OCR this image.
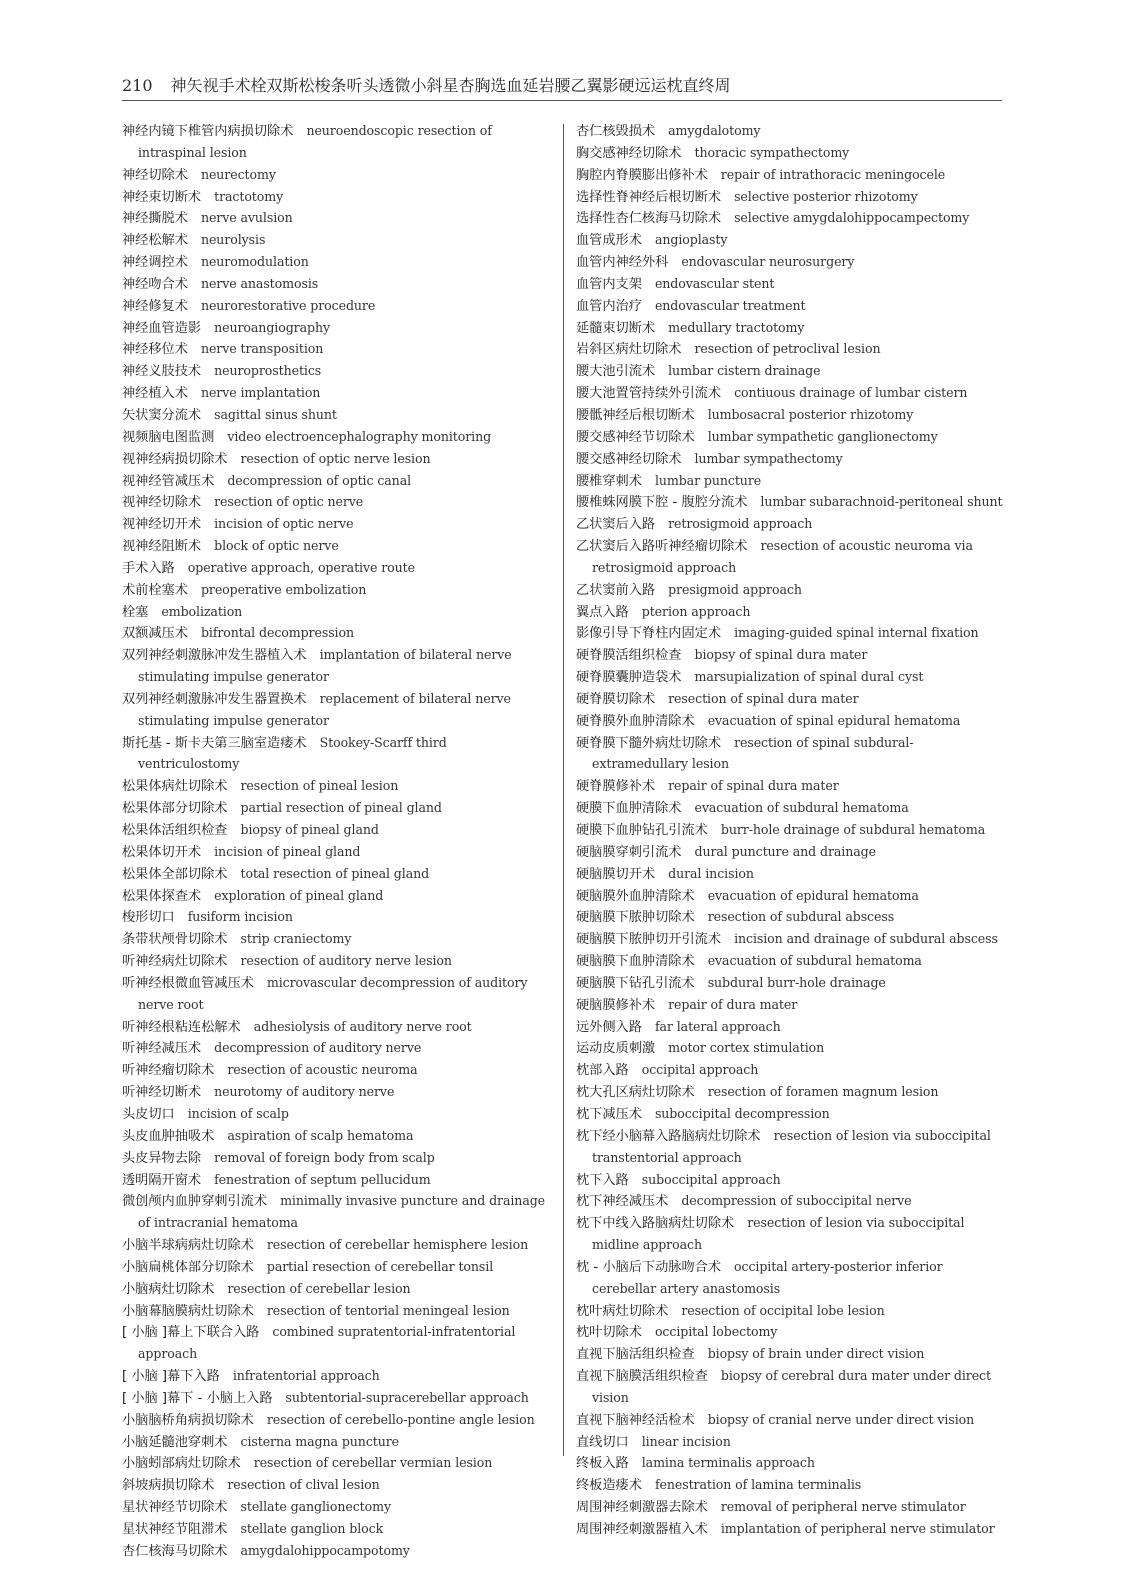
210 神矢视手术栓双斯松梭条听头透微小斜星杏胸选血延岩腰乙翼影硬远运枕直终周
神经内镜下椎管内病损切除术 neuroendoscopic resection of intraspinal lesion
神经切除术 neurectomy
神经束切断术 tractotomy
神经撕脱术 nerve avulsion
神经松解术 neurolysis
神经调控术 neuromodulation
神经吻合术 nerve anastomosis
神经修复术 neurorestorative procedure
神经血管造影 neuroangiography
神经移位术 nerve transposition
神经义肢技术 neuroprosthetics
神经植入术 nerve implantation
矢状窦分流术 sagittal sinus shunt
视频脑电图监测 video electroencephalography monitoring
视神经病损切除术 resection of optic nerve lesion
视神经管减压术 decompression of optic canal
视神经切除术 resection of optic nerve
视神经切开术 incision of optic nerve
视神经阻断术 block of optic nerve
手术入路 operative approach, operative route
术前栓塞术 preoperative embolization
栓塞 embolization
双额减压术 bifrontal decompression
双列神经刺激脉冲发生器植入术 implantation of bilateral nerve stimulating impulse generator
双列神经刺激脉冲发生器置换术 replacement of bilateral nerve stimulating impulse generator
斯托基 - 斯卡夫第三脑室造瘘术 Stookey-Scarff third ventriculostomy
松果体病灶切除术 resection of pineal lesion
松果体部分切除术 partial resection of pineal gland
松果体活组织检查 biopsy of pineal gland
松果体切开术 incision of pineal gland
松果体全部切除术 total resection of pineal gland
松果体探查术 exploration of pineal gland
梭形切口 fusiform incision
条带状颅骨切除术 strip craniectomy
听神经病灶切除术 resection of auditory nerve lesion
听神经根微血管减压术 microvascular decompression of auditory nerve root
听神经根粘连松解术 adhesiolysis of auditory nerve root
听神经减压术 decompression of auditory nerve
听神经瘤切除术 resection of acoustic neuroma
听神经切断术 neurotomy of auditory nerve
头皮切口 incision of scalp
头皮血肿抽吸术 aspiration of scalp hematoma
头皮异物去除 removal of foreign body from scalp
透明隔开窗术 fenestration of septum pellucidum
微创颅内血肿穿刺引流术 minimally invasive puncture and drainage of intracranial hematoma
小脑半球病病灶切除术 resection of cerebellar hemisphere lesion
小脑扁桃体部分切除术 partial resection of cerebellar tonsil
小脑病灶切除术 resection of cerebellar lesion
小脑幕脑膜病灶切除术 resection of tentorial meningeal lesion
[ 小脑 ]幕上下联合入路 combined supratentorial-infratentorial approach
[ 小脑 ]幕下入路 infratentorial approach
[ 小脑 ]幕下 - 小脑上入路 subtentorial-supracerebellar approach
小脑脑桥角病损切除术 resection of cerebello-pontine angle lesion
小脑延髓池穿刺术 cisterna magna puncture
小脑蚓部病灶切除术 resection of cerebellar vermian lesion
斜坡病损切除术 resection of clival lesion
星状神经节切除术 stellate ganglionectomy
星状神经节阻滞术 stellate ganglion block
杏仁核海马切除术 amygdalohippocampotomy
杏仁核毁损术 amygdalotomy
胸交感神经切除术 thoracic sympathectomy
胸腔内脊膜膨出修补术 repair of intrathoracic meningocele
选择性脊神经后根切断术 selective posterior rhizotomy
选择性杏仁核海马切除术 selective amygdalohippocampectomy
血管成形术 angioplasty
血管内神经外科 endovascular neurosurgery
血管内支架 endovascular stent
血管内治疗 endovascular treatment
延髓束切断术 medullary tractotomy
岩斜区病灶切除术 resection of petroclival lesion
腰大池引流术 lumbar cistern drainage
腰大池置管持续外引流术 contiuous drainage of lumbar cistern
腰骶神经后根切断术 lumbosacral posterior rhizotomy
腰交感神经节切除术 lumbar sympathetic ganglionectomy
腰交感神经切除术 lumbar sympathectomy
腰椎穿刺术 lumbar puncture
腰椎蛛网膜下腔 - 腹腔分流术 lumbar subarachnoid-peritoneal shunt
乙状窦后入路 retrosigmoid approach
乙状窦后入路听神经瘤切除术 resection of acoustic neuroma via retrosigmoid approach
乙状窦前入路 presigmoid approach
翼点入路 pterion approach
影像引导下脊柱内固定术 imaging-guided spinal internal fixation
硬脊膜活组织检查 biopsy of spinal dura mater
硬脊膜囊肿造袋术 marsupialization of spinal dural cyst
硬脊膜切除术 resection of spinal dura mater
硬脊膜外血肿清除术 evacuation of spinal epidural hematoma
硬脊膜下髓外病灶切除术 resection of spinal subdural-extramedullary lesion
硬脊膜修补术 repair of spinal dura mater
硬膜下血肿清除术 evacuation of subdural hematoma
硬膜下血肿钻孔引流术 burr-hole drainage of subdural hematoma
硬脑膜穿刺引流术 dural puncture and drainage
硬脑膜切开术 dural incision
硬脑膜外血肿清除术 evacuation of epidural hematoma
硬脑膜下脓肿切除术 resection of subdural abscess
硬脑膜下脓肿切开引流术 incision and drainage of subdural abscess
硬脑膜下血肿清除术 evacuation of subdural hematoma
硬脑膜下钻孔引流术 subdural burr-hole drainage
硬脑膜修补术 repair of dura mater
远外侧入路 far lateral approach
运动皮质刺激 motor cortex stimulation
枕部入路 occipital approach
枕大孔区病灶切除术 resection of foramen magnum lesion
枕下减压术 suboccipital decompression
枕下经小脑幕入路脑病灶切除术 resection of lesion via suboccipital transtentorial approach
枕下入路 suboccipital approach
枕下神经减压术 decompression of suboccipital nerve
枕下中线入路脑病灶切除术 resection of lesion via suboccipital midline approach
枕 - 小脑后下动脉吻合术 occipital artery-posterior inferior cerebellar artery anastomosis
枕叶病灶切除术 resection of occipital lobe lesion
枕叶切除术 occipital lobectomy
直视下脑活组织检查 biopsy of brain under direct vision
直视下脑膜活组织检查 biopsy of cerebral dura mater under direct vision
直视下脑神经活检术 biopsy of cranial nerve under direct vision
直线切口 linear incision
终板入路 lamina terminalis approach
终板造瘘术 fenestration of lamina terminalis
周围神经刺激器去除术 removal of peripheral nerve stimulator
周围神经刺激器植入术 implantation of peripheral nerve stimulator
